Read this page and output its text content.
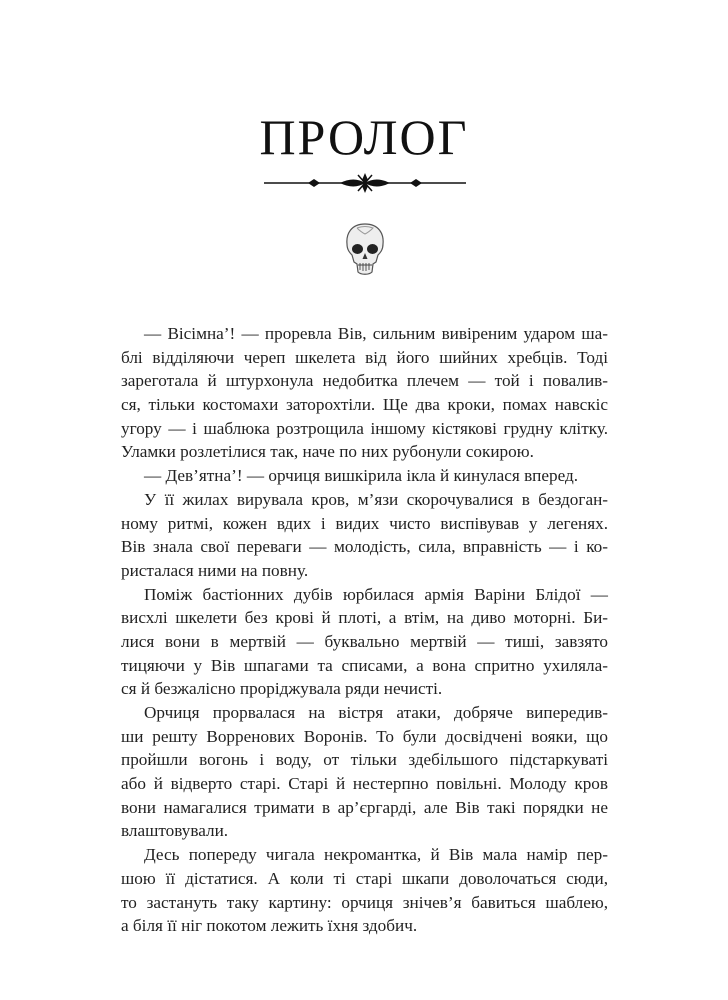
ПРОЛОГ
— Вісімна’! — проревла Вів, сильним вивіреним ударом ша-
блі відділяючи череп шкелета від його шийних хребців. Тоді
зареготала й штурхонула недобитка плечем — той і повалив-
ся, тільки костомахи заторохтіли. Ще два кроки, помах навскіс
угору — і шаблюка розтрощила іншому кістякові грудну клітку.
Уламки розлетілися так, наче по них рубонули сокирою.
— Дев’ятна’! — орчиця вишкірила ікла й кинулася вперед.
У її жилах вирувала кров, м’язи скорочувалися в бездоган-
ному ритмі, кожен вдих і видих чисто виспівував у легенях.
Вів знала свої переваги — молодість, сила, вправність — і ко-
ристалася ними на повну.
Поміж бастіонних дубів юрбилася армія Варіни Блідої —
висхлі шкелети без крові й плоті, а втім, на диво моторні. Би-
лися вони в мертвій — буквально мертвій — тиші, завзято
тицяючи у Вів шпагами та списами, а вона спритно ухиляла-
ся й безжалісно проріджувала ряди нечисті.
Орчиця прорвалася на вістря атаки, добряче випередив-
ши решту Ворренових Воронів. То були досвідчені вояки, що
пройшли вогонь і воду, от тільки здебільшого підстаркуваті
або й відверто старі. Старі й нестерпно повільні. Молоду кров
вони намагалися тримати в ар’єргарді, але Вів такі порядки не
влаштовували.
Десь попереду чигала некромантка, й Вів мала намір пер-
шою її дістатися. А коли ті старі шкапи доволочаться сюди,
то застануть таку картину: орчиця знічев’я бавиться шаблею,
а біля її ніг покотом лежить їхня здобич.
